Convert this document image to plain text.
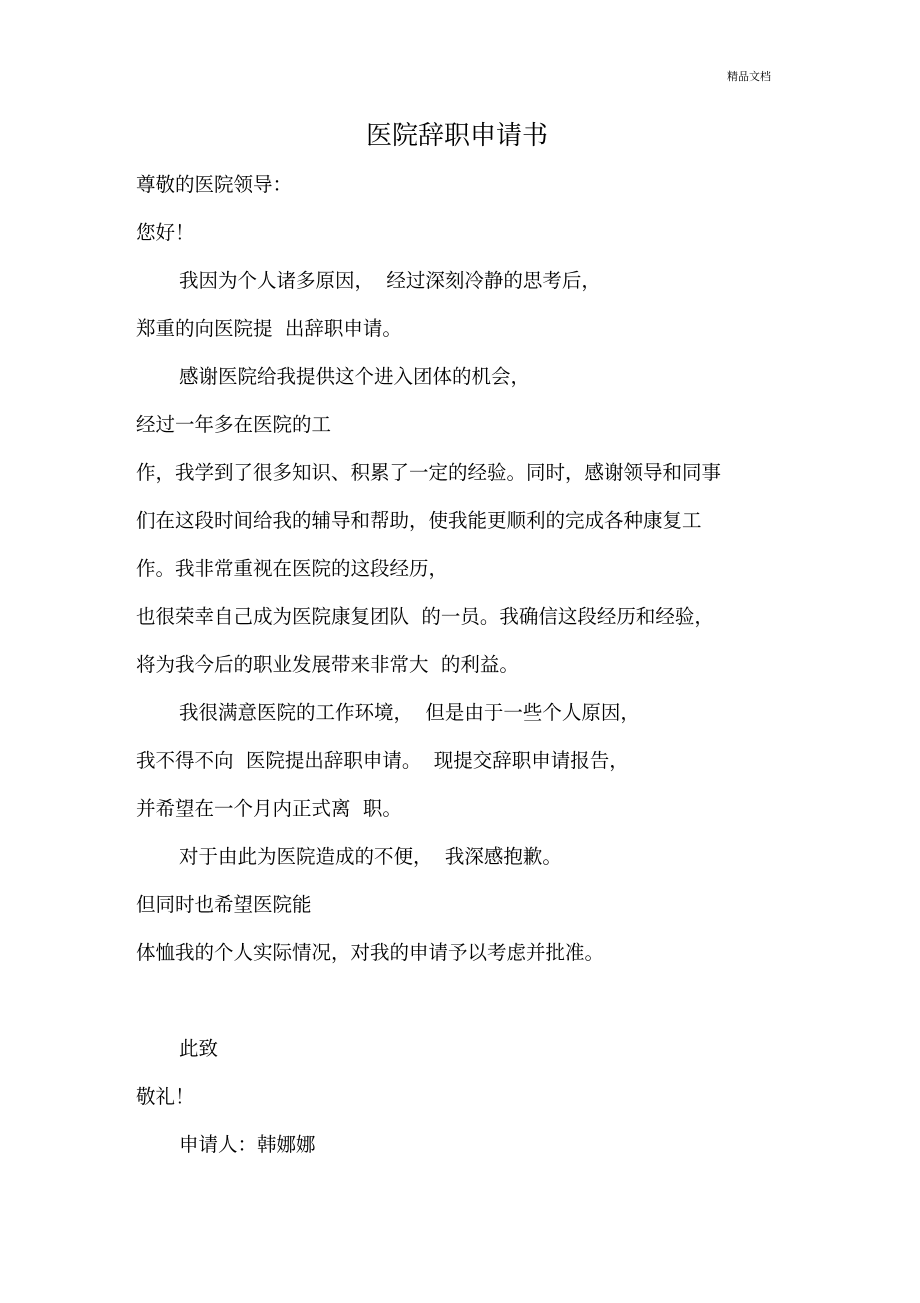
精品文档
医院辞职申请书
尊敬的医院领导：
您好！
我因为个人诸多原因，  经过深刻冷静的思考后，
郑重的向医院提  出辞职申请。
感谢医院给我提供这个进入团体的机会，
经过一年多在医院的工
作，我学到了很多知识、积累了一定的经验。同时，感谢领导和同事
们在这段时间给我的辅导和帮助，使我能更顺利的完成各种康复工
作。我非常重视在医院的这段经历，
也很荣幸自己成为医院康复团队  的一员。我确信这段经历和经验，
将为我今后的职业发展带来非常大  的利益。
我很满意医院的工作环境，  但是由于一些个人原因，
我不得不向  医院提出辞职申请。  现提交辞职申请报告，
并希望在一个月内正式离  职。
对于由此为医院造成的不便，  我深感抱歉。
但同时也希望医院能
体恤我的个人实际情况，对我的申请予以考虑并批准。
此致
敬礼！
申请人：韩娜娜
